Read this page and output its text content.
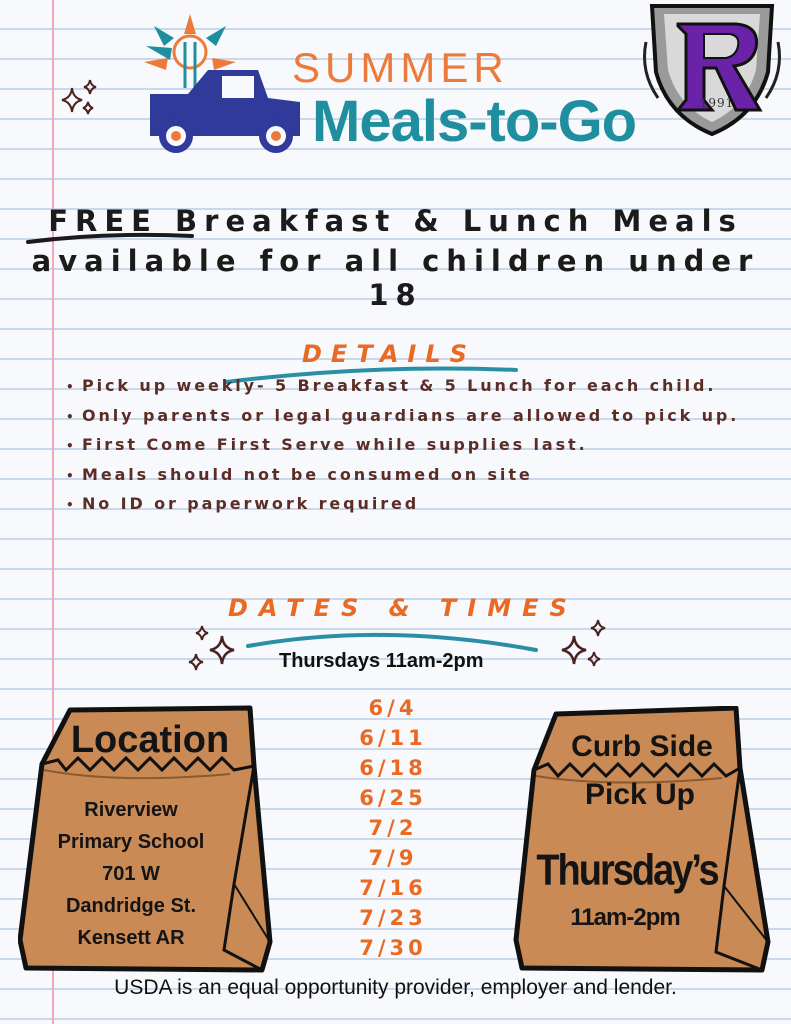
SUMMER
Meals-to-Go	1991
FREE Breakfast & Lunch Meals
available for all children under 18
DETAILS
• Pick up weekly- 5 Breakfast & 5 Lunch for each child.
• Only parents or legal guardians are allowed to pick up.
• First Come First Serve while supplies last.
• Meals should not be consumed on site
• No ID or paperwork required
DATES & TIMES
Thursdays 11am-2pm
6/4
6/11
6/18
6/25
7/2
7/9
7/16
7/23
7/30
Location
Riverview
Primary School
701 W
Dandridge St.
Kensett AR
Curb Side
Pick Up
Thursday’s
11am-2pm
USDA is an equal opportunity provider, employer and lender.
